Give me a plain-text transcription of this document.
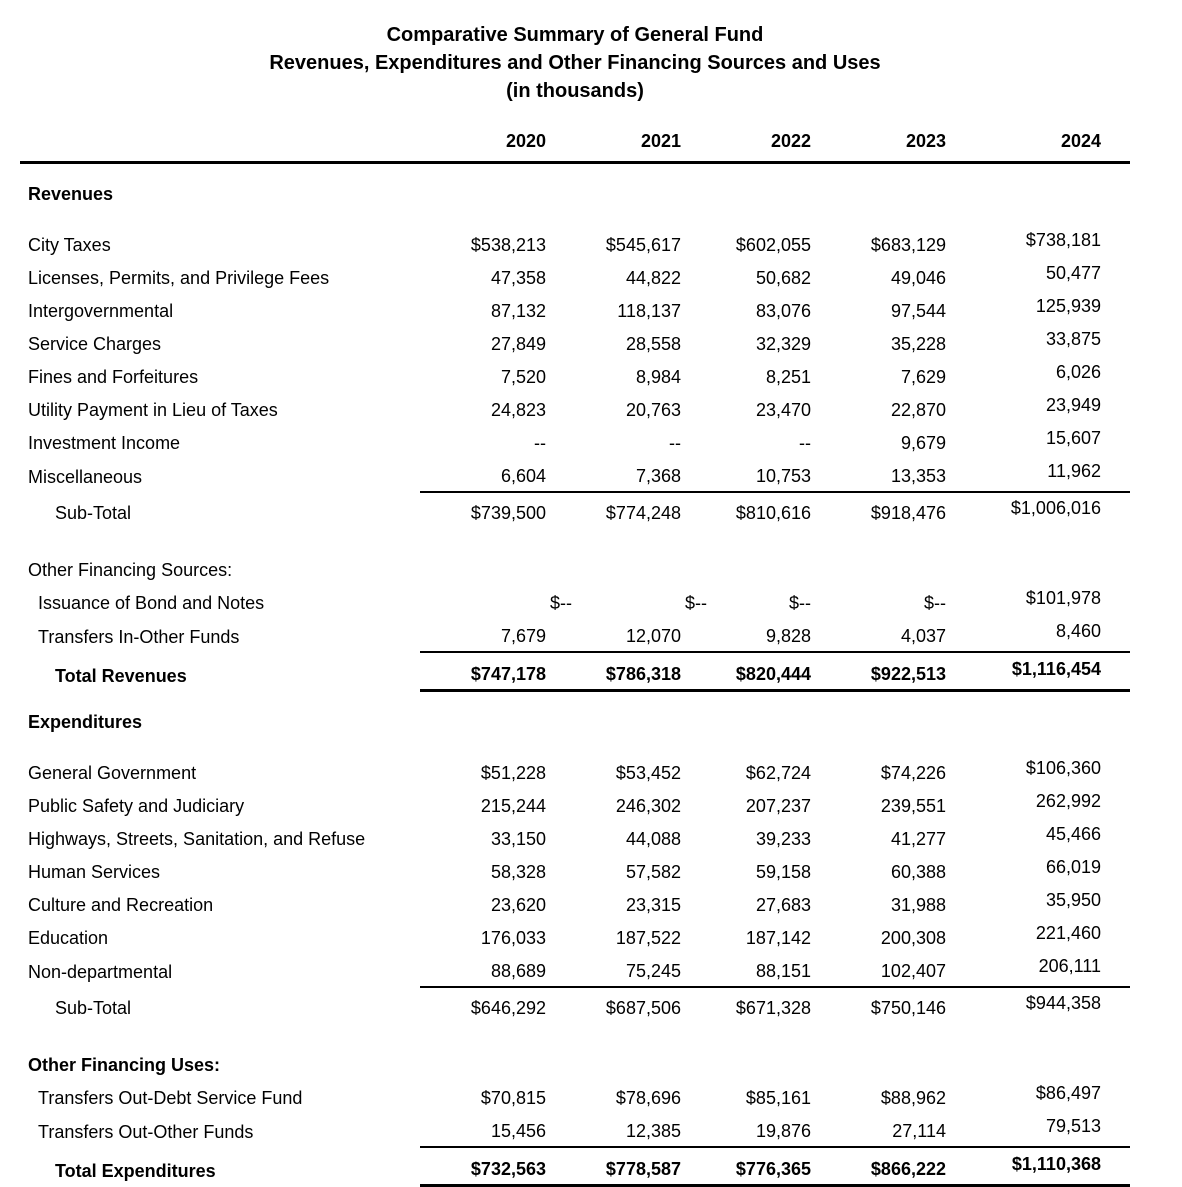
Comparative Summary of General Fund
Revenues, Expenditures and Other Financing Sources and Uses
(in thousands)
	2020	2021	2022	2023	2024
Revenues					
City Taxes	$538,213	$545,617	$602,055	$683,129	$738,181
Licenses, Permits, and Privilege Fees	47,358	44,822	50,682	49,046	50,477
Intergovernmental	87,132	118,137	83,076	97,544	125,939
Service Charges	27,849	28,558	32,329	35,228	33,875
Fines and Forfeitures	7,520	8,984	8,251	7,629	6,026
Utility Payment in Lieu of Taxes	24,823	20,763	23,470	22,870	23,949
Investment Income	--	--	--	9,679	15,607
Miscellaneous	6,604	7,368	10,753	13,353	11,962
Sub-Total	$739,500	$774,248	$810,616	$918,476	$1,006,016
Other Financing Sources:					
Issuance of Bond and Notes	$--	$--	$--	$--	$101,978
Transfers In-Other Funds	7,679	12,070	9,828	4,037	8,460
Total Revenues	$747,178	$786,318	$820,444	$922,513	$1,116,454
Expenditures					
General Government	$51,228	$53,452	$62,724	$74,226	$106,360
Public Safety and Judiciary	215,244	246,302	207,237	239,551	262,992
Highways, Streets, Sanitation, and Refuse	33,150	44,088	39,233	41,277	45,466
Human Services	58,328	57,582	59,158	60,388	66,019
Culture and Recreation	23,620	23,315	27,683	31,988	35,950
Education	176,033	187,522	187,142	200,308	221,460
Non-departmental	88,689	75,245	88,151	102,407	206,111
Sub-Total	$646,292	$687,506	$671,328	$750,146	$944,358
Other Financing Uses:					
Transfers Out-Debt Service Fund	$70,815	$78,696	$85,161	$88,962	$86,497
Transfers Out-Other Funds	15,456	12,385	19,876	27,114	79,513
Total Expenditures	$732,563	$778,587	$776,365	$866,222	$1,110,368
